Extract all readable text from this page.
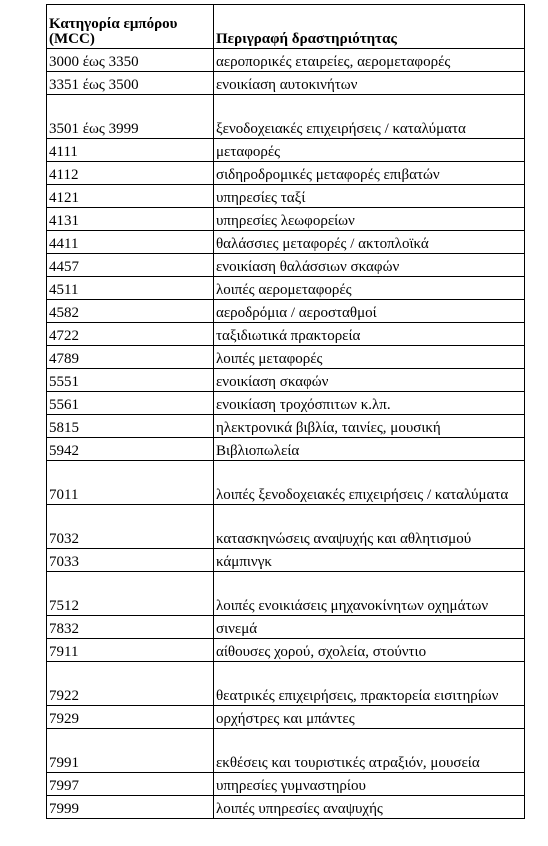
Κατηγορία εμπόρου (MCC)	Περιγραφή δραστηριότητας
3000 έως 3350	αεροπορικές εταιρείες, αερομεταφορές
3351 έως 3500	ενοικίαση αυτοκινήτων
3501 έως 3999	ξενοδοχειακές επιχειρήσεις / καταλύματα
4111	μεταφορές
4112	σιδηροδρομικές μεταφορές επιβατών
4121	υπηρεσίες ταξί
4131	υπηρεσίες λεωφορείων
4411	θαλάσσιες μεταφορές / ακτοπλοϊκά
4457	ενοικίαση θαλάσσιων σκαφών
4511	λοιπές αερομεταφορές
4582	αεροδρόμια / αεροσταθμοί
4722	ταξιδιωτικά πρακτορεία
4789	λοιπές μεταφορές
5551	ενοικίαση σκαφών
5561	ενοικίαση τροχόσπιτων κ.λπ.
5815	ηλεκτρονικά βιβλία, ταινίες, μουσική
5942	Βιβλιοπωλεία
7011	λοιπές ξενοδοχειακές επιχειρήσεις / καταλύματα
7032	κατασκηνώσεις αναψυχής και αθλητισμού
7033	κάμπινγκ
7512	λοιπές ενοικιάσεις μηχανοκίνητων οχημάτων
7832	σινεμά
7911	αίθουσες χορού, σχολεία, στούντιο
7922	θεατρικές επιχειρήσεις, πρακτορεία εισιτηρίων
7929	ορχήστρες και μπάντες
7991	εκθέσεις και τουριστικές ατραξιόν, μουσεία
7997	υπηρεσίες γυμναστηρίου
7999	λοιπές υπηρεσίες αναψυχής
